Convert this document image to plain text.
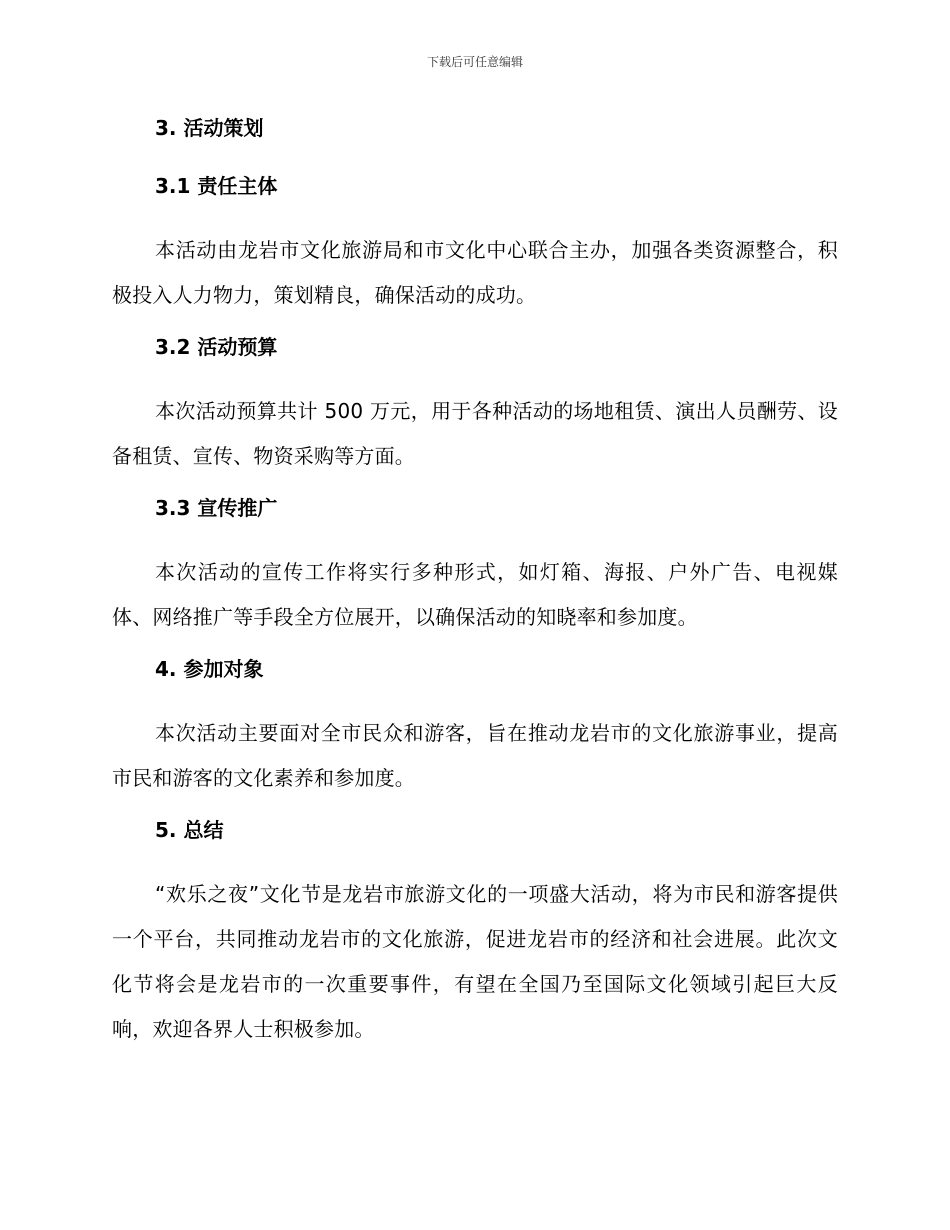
下载后可任意编辑
3. 活动策划
3.1 责任主体

本活动由龙岩市文化旅游局和市文化中心联合主办，加强各类资源整合，积极投入人力物力，策划精良，确保活动的成功。

3.2 活动预算

本次活动预算共计 500 万元，用于各种活动的场地租赁、演出人员酬劳、设备租赁、宣传、物资采购等方面。

3.3 宣传推广

本次活动的宣传工作将实行多种形式，如灯箱、海报、户外广告、电视媒体、网络推广等手段全方位展开，以确保活动的知晓率和参加度。

4. 参加对象

本次活动主要面对全市民众和游客，旨在推动龙岩市的文化旅游事业，提高市民和游客的文化素养和参加度。

5. 总结

“欢乐之夜”文化节是龙岩市旅游文化的一项盛大活动，将为市民和游客提供一个平台，共同推动龙岩市的文化旅游，促进龙岩市的经济和社会进展。此次文化节将会是龙岩市的一次重要事件，有望在全国乃至国际文化领域引起巨大反响，欢迎各界人士积极参加。
